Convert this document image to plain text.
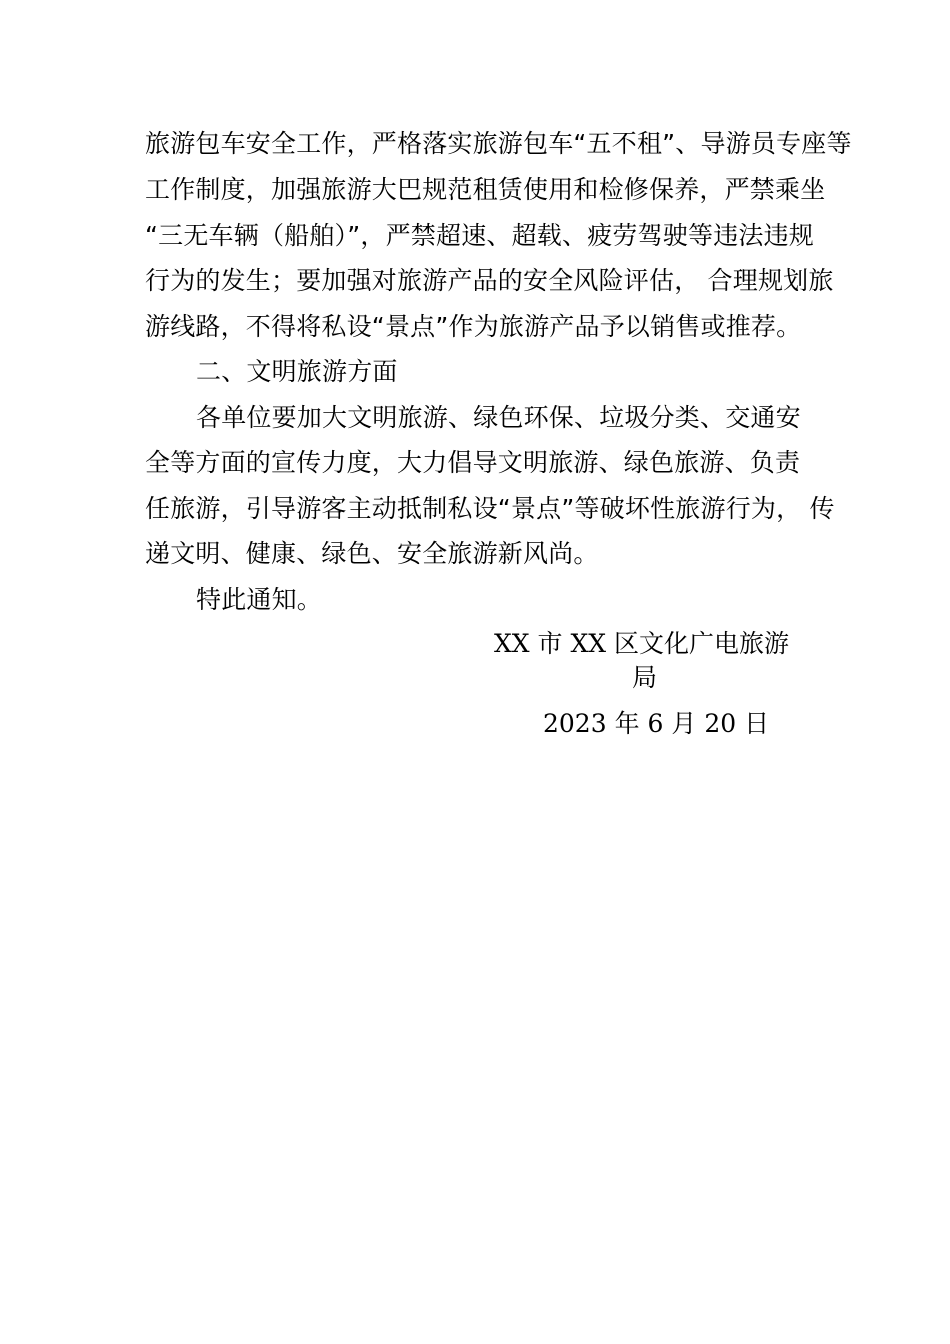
旅游包车安全工作，严格落实旅游包车“五不租”、导游员专座等
工作制度，加强旅游大巴规范租赁使用和检修保养，严禁乘坐
“三无车辆（船舶）”，严禁超速、超载、疲劳驾驶等违法违规
行为的发生；要加强对旅游产品的安全风险评估， 合理规划旅
游线路，不得将私设“景点”作为旅游产品予以销售或推荐。
二、文明旅游方面
各单位要加大文明旅游、绿色环保、垃圾分类、交通安
全等方面的宣传力度，大力倡导文明旅游、绿色旅游、负责
任旅游，引导游客主动抵制私设“景点”等破坏性旅游行为， 传
递文明、健康、绿色、安全旅游新风尚。
特此通知。
XX 市 XX 区文化广电旅游
局
2023 年 6 月 20 日
